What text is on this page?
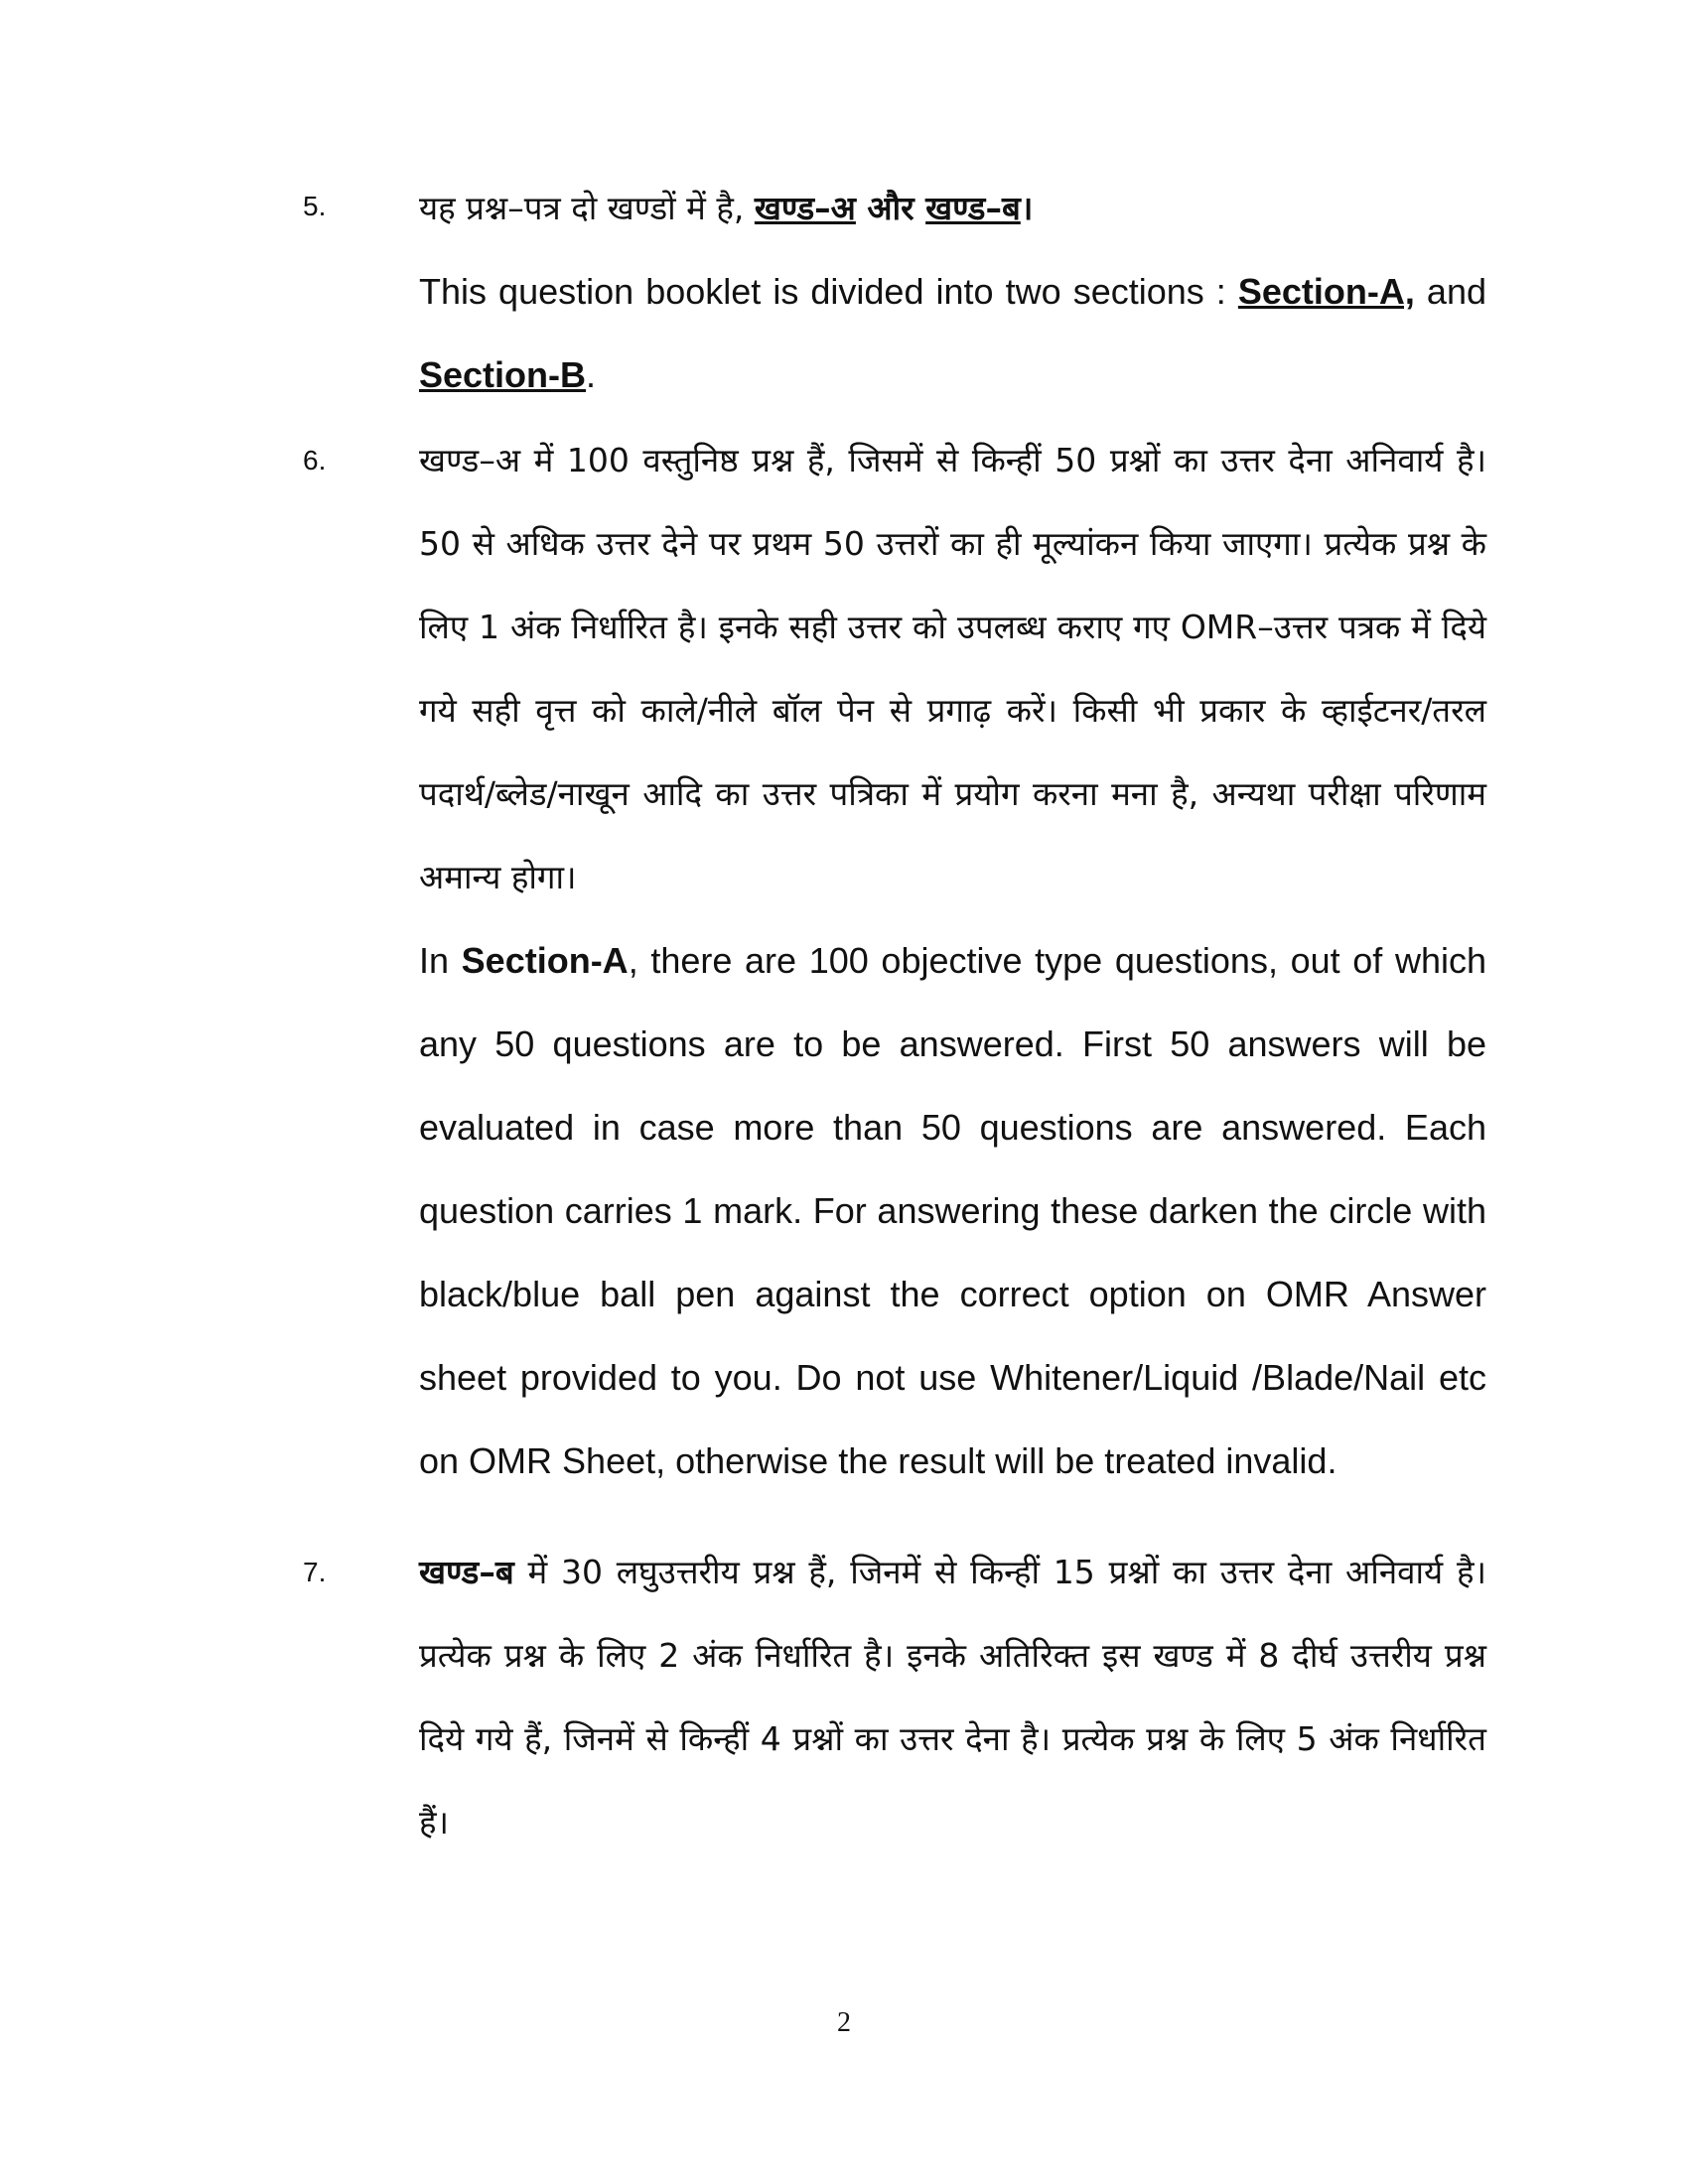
5.	यह प्रश्न–पत्र दो खण्डों में है, खण्ड–अ और खण्ड–ब।
This question booklet is divided into two sections : Section-A, and Section-B.
6.	खण्ड–अ में 100 वस्तुनिष्ठ प्रश्न हैं, जिसमें से किन्हीं 50 प्रश्नों का उत्तर देना अनिवार्य है। 50 से अधिक उत्तर देने पर प्रथम 50 उत्तरों का ही मूल्यांकन किया जाएगा। प्रत्येक प्रश्न के लिए 1 अंक निर्धारित है। इनके सही उत्तर को उपलब्ध कराए गए OMR–उत्तर पत्रक में दिये गये सही वृत्त को काले/नीले बॉल पेन से प्रगाढ़ करें। किसी भी प्रकार के व्हाईटनर/तरल पदार्थ/ब्लेड/नाखून आदि का उत्तर पत्रिका में प्रयोग करना मना है, अन्यथा परीक्षा परिणाम अमान्य होगा।
In Section-A, there are 100 objective type questions, out of which any 50 questions are to be answered. First 50 answers will be evaluated in case more than 50 questions are answered. Each question carries 1 mark. For answering these darken the circle with black/blue ball pen against the correct option on OMR Answer sheet provided to you. Do not use Whitener/Liquid /Blade/Nail etc on OMR Sheet, otherwise the result will be treated invalid.
7.	खण्ड–ब में 30 लघुउत्तरीय प्रश्न हैं, जिनमें से किन्हीं 15 प्रश्नों का उत्तर देना अनिवार्य है। प्रत्येक प्रश्न के लिए 2 अंक निर्धारित है। इनके अतिरिक्त इस खण्ड में 8 दीर्घ उत्तरीय प्रश्न दिये गये हैं, जिनमें से किन्हीं 4 प्रश्नों का उत्तर देना है। प्रत्येक प्रश्न के लिए 5 अंक निर्धारित हैं।
2
